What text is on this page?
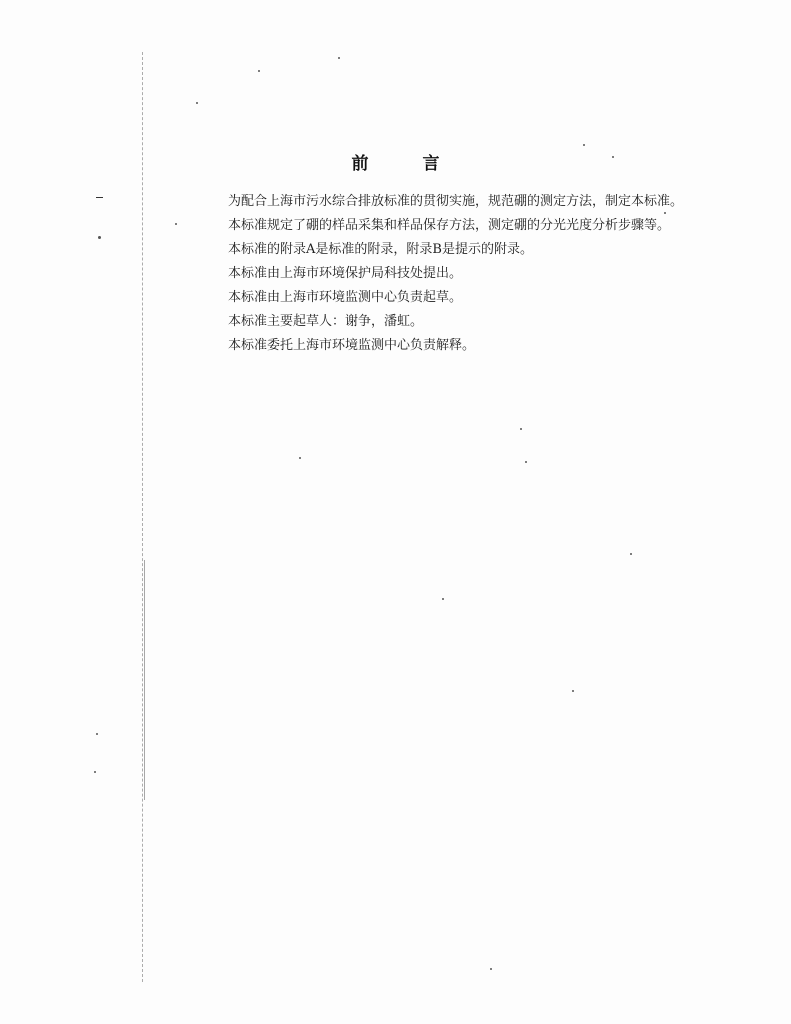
前 言

为配合上海市污水综合排放标准的贯彻实施，规范硼的测定方法，制定本标准。

本标准规定了硼的样品采集和样品保存方法，测定硼的分光光度分析步骤等。

本标准的附录A是标准的附录，附录B是提示的附录。

本标准由上海市环境保护局科技处提出。

本标准由上海市环境监测中心负责起草。

本标准主要起草人：谢争，潘虹。

本标准委托上海市环境监测中心负责解释。
